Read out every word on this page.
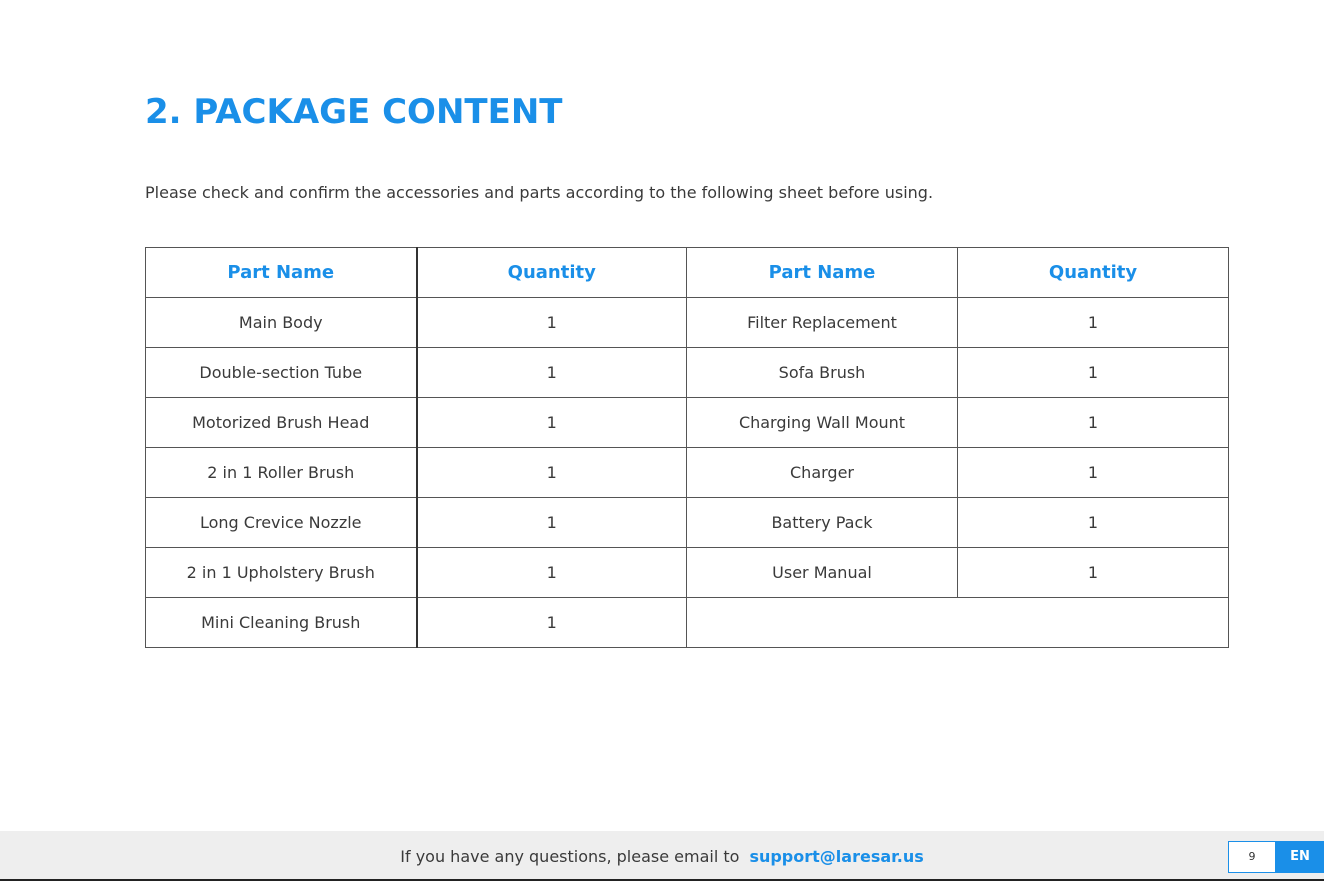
2. PACKAGE CONTENT

Please check and confirm the accessories and parts according to the following sheet before using.

Part Name	Quantity	Part Name	Quantity
Main Body	1	Filter Replacement	1
Double-section Tube	1	Sofa Brush	1
Motorized Brush Head	1	Charging Wall Mount	1
2 in 1 Roller Brush	1	Charger	1
Long Crevice Nozzle	1	Battery Pack	1
2 in 1 Upholstery Brush	1	User Manual	1
Mini Cleaning Brush	1		
If you have any questions, please email to support@laresar.us	9	EN
